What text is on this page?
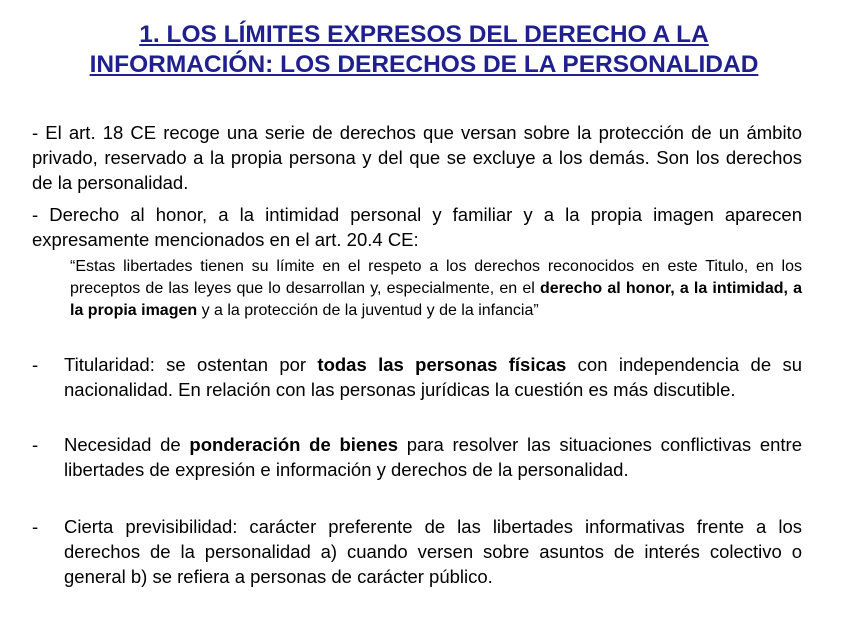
1. LOS LÍMITES EXPRESOS DEL DERECHO A LA
INFORMACIÓN: LOS DERECHOS DE LA PERSONALIDAD
- El art. 18 CE recoge una serie de derechos que versan sobre la protección de un ámbito privado, reservado a la propia persona y del que se excluye a los demás. Son los derechos de la personalidad.
- Derecho al honor, a la intimidad personal y familiar y a la propia imagen aparecen expresamente mencionados en el art. 20.4 CE:
“Estas libertades tienen su límite en el respeto a los derechos reconocidos en este Titulo, en los preceptos de las leyes que lo desarrollan y, especialmente, en el derecho al honor, a la intimidad, a la propia imagen y a la protección de la juventud y de la infancia”
- Titularidad: se ostentan por todas las personas físicas con independencia de su nacionalidad. En relación con las personas jurídicas la cuestión es más discutible.
- Necesidad de ponderación de bienes para resolver las situaciones conflictivas entre libertades de expresión e información y derechos de la personalidad.
- Cierta previsibilidad: carácter preferente de las libertades informativas frente a los derechos de la personalidad a) cuando versen sobre asuntos de interés colectivo o general b) se refiera a personas de carácter público.
